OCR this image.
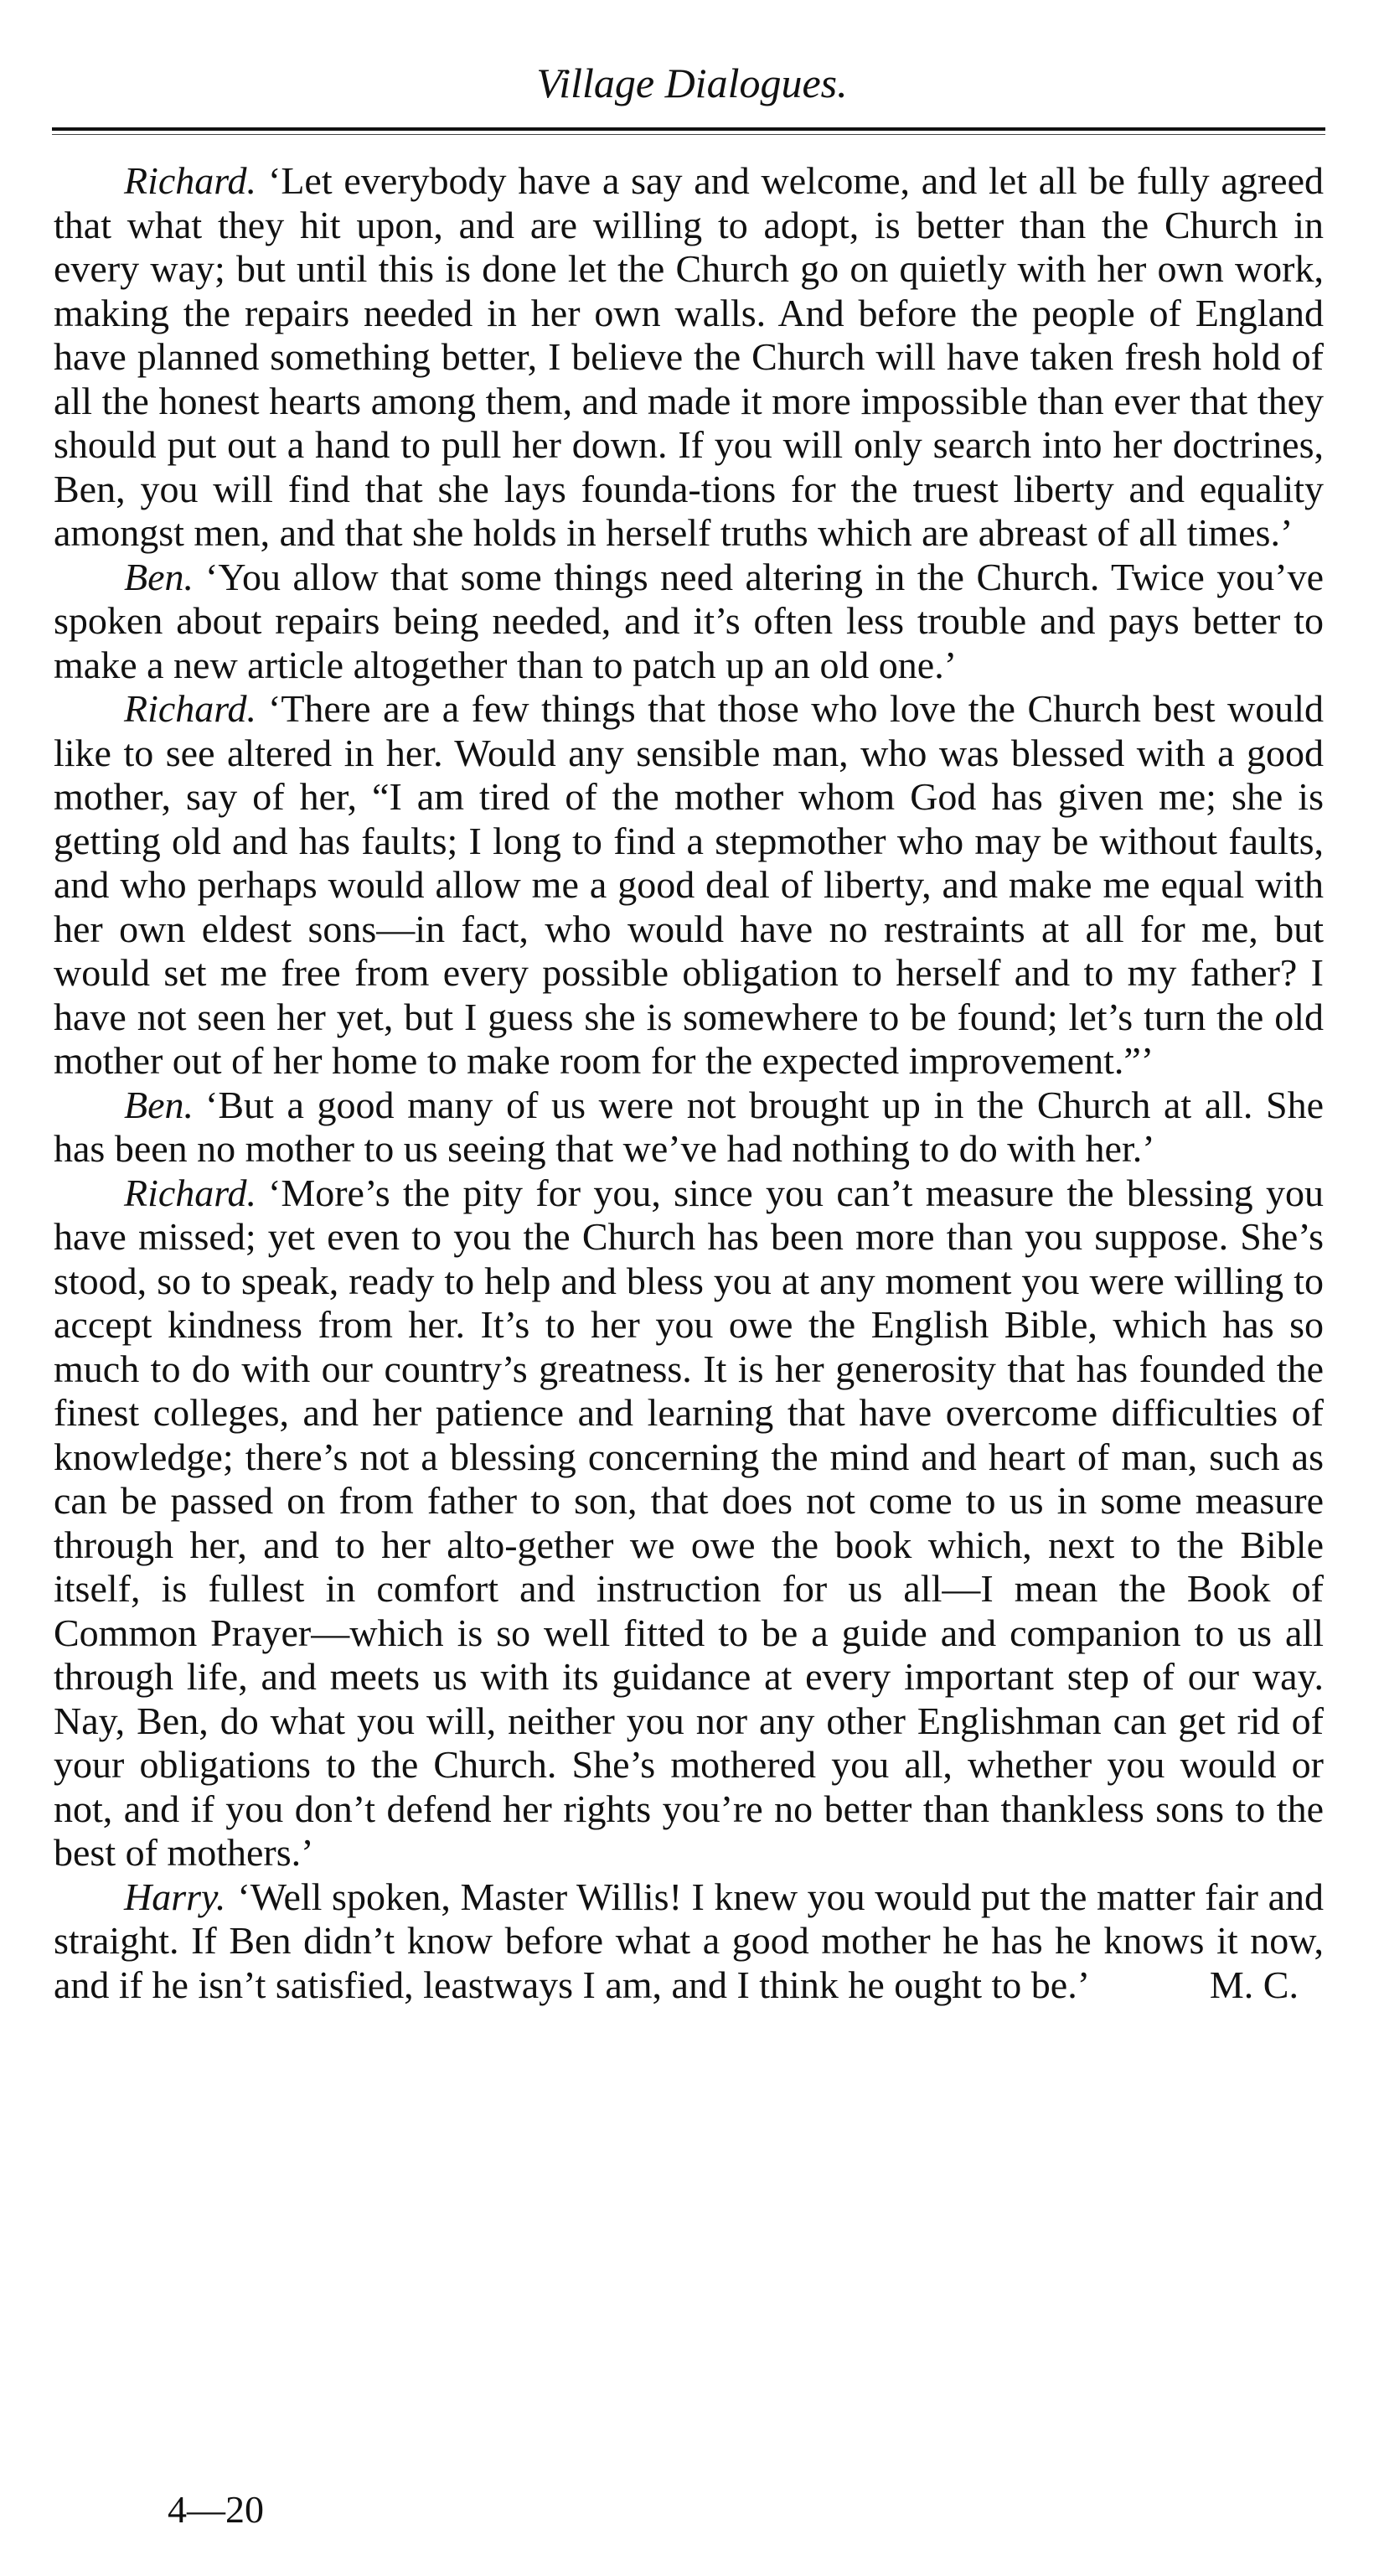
Village Dialogues.

Richard. ‘Let everybody have a say and welcome, and let all be fully agreed that what they hit upon, and are willing to adopt, is better than the Church in every way; but until this is done let the Church go on quietly with her own work, making the repairs needed in her own walls. And before the people of England have planned something better, I believe the Church will have taken fresh hold of all the honest hearts among them, and made it more impossible than ever that they should put out a hand to pull her down. If you will only search into her doctrines, Ben, you will find that she lays founda-tions for the truest liberty and equality amongst men, and that she holds in herself truths which are abreast of all times.’

Ben. ‘You allow that some things need altering in the Church. Twice you’ve spoken about repairs being needed, and it’s often less trouble and pays better to make a new article altogether than to patch up an old one.’

Richard. ‘There are a few things that those who love the Church best would like to see altered in her. Would any sensible man, who was blessed with a good mother, say of her, “I am tired of the mother whom God has given me; she is getting old and has faults; I long to find a stepmother who may be without faults, and who perhaps would allow me a good deal of liberty, and make me equal with her own eldest sons—in fact, who would have no restraints at all for me, but would set me free from every possible obligation to herself and to my father? I have not seen her yet, but I guess she is somewhere to be found; let’s turn the old mother out of her home to make room for the expected improvement.”’

Ben. ‘But a good many of us were not brought up in the Church at all. She has been no mother to us seeing that we’ve had nothing to do with her.’

Richard. ‘More’s the pity for you, since you can’t measure the blessing you have missed; yet even to you the Church has been more than you suppose. She’s stood, so to speak, ready to help and bless you at any moment you were willing to accept kindness from her. It’s to her you owe the English Bible, which has so much to do with our country’s greatness. It is her generosity that has founded the finest colleges, and her patience and learning that have overcome difficulties of knowledge; there’s not a blessing concerning the mind and heart of man, such as can be passed on from father to son, that does not come to us in some measure through her, and to her alto-gether we owe the book which, next to the Bible itself, is fullest in comfort and instruction for us all—I mean the Book of Common Prayer—which is so well fitted to be a guide and companion to us all through life, and meets us with its guidance at every important step of our way. Nay, Ben, do what you will, neither you nor any other Englishman can get rid of your obligations to the Church. She’s mothered you all, whether you would or not, and if you don’t defend her rights you’re no better than thankless sons to the best of mothers.’

Harry. ‘Well spoken, Master Willis! I knew you would put the matter fair and straight. If Ben didn’t know before what a good mother he has he knows it now, and if he isn’t satisfied, leastways I am, and I think he ought to be.’	M. C.

4—20
